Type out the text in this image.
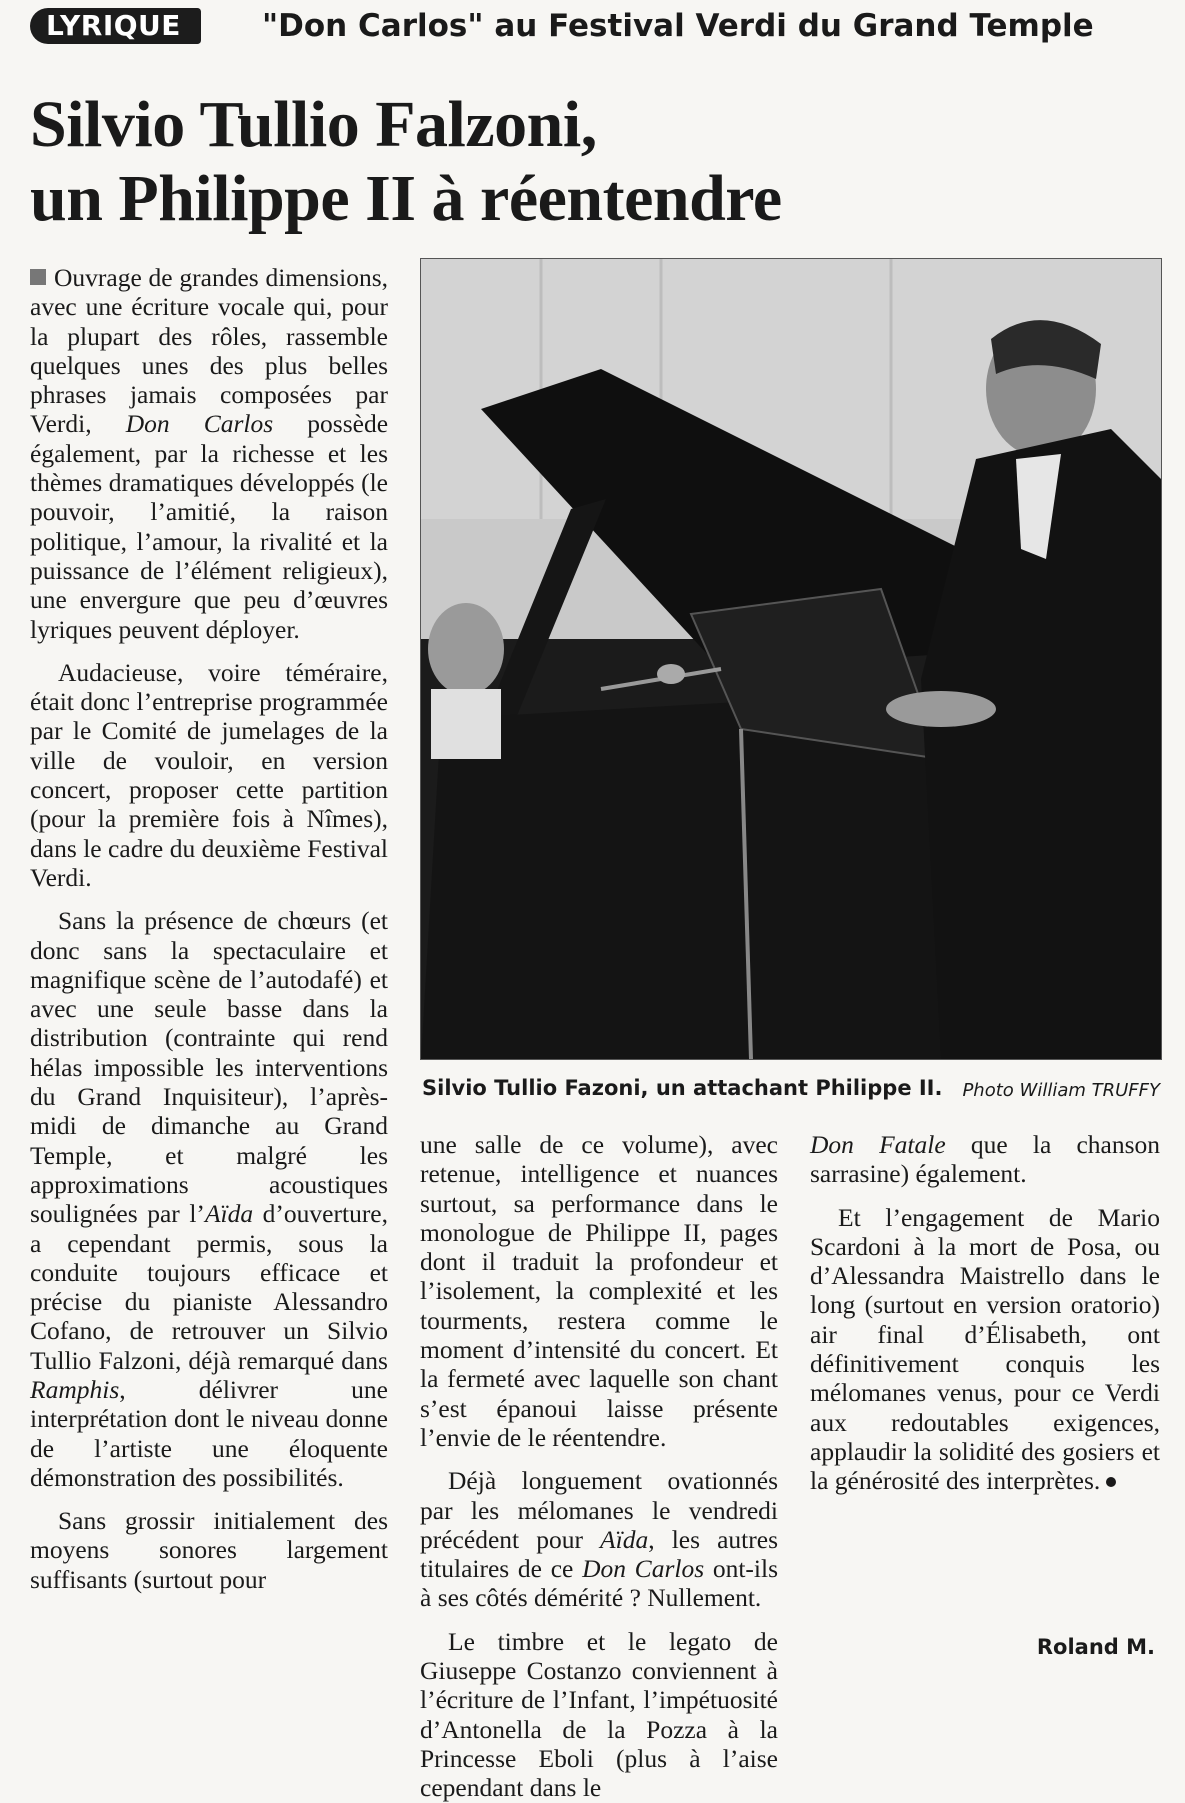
LYRIQUE	"Don Carlos" au Festival Verdi du Grand Temple
Silvio Tullio Falzoni,
un Philippe II à réentendre

Ouvrage de grandes dimensions, avec une écriture vocale qui, pour la plupart des rôles, rassemble quelques unes des plus belles phrases jamais composées par Verdi, Don Carlos possède également, par la richesse et les thèmes dramatiques développés (le pouvoir, l’amitié, la raison politique, l’amour, la rivalité et la puissance de l’élément religieux), une envergure que peu d’œuvres lyriques peuvent déployer.

Audacieuse, voire téméraire, était donc l’entreprise programmée par le Comité de jumelages de la ville de vouloir, en version concert, proposer cette partition (pour la première fois à Nîmes), dans le cadre du deuxième Festival Verdi.

Sans la présence de chœurs (et donc sans la spectaculaire et magnifique scène de l’autodafé) et avec une seule basse dans la distribution (contrainte qui rend hélas impossible les interventions du Grand Inquisiteur), l’après-midi de dimanche au Grand Temple, et malgré les approximations acoustiques soulignées par l’Aïda d’ouverture, a cependant permis, sous la conduite toujours efficace et précise du pianiste Alessandro Cofano, de retrouver un Silvio Tullio Falzoni, déjà remarqué dans Ramphis, délivrer une interprétation dont le niveau donne de l’artiste une éloquente démonstration des possibilités.

Sans grossir initialement des moyens sonores largement suffisants (surtout pour

Silvio Tullio Fazoni, un attachant Philippe II. Photo William TRUFFY

une salle de ce volume), avec retenue, intelligence et nuances surtout, sa performance dans le monologue de Philippe II, pages dont il traduit la profondeur et l’isolement, la complexité et les tourments, restera comme le moment d’intensité du concert. Et la fermeté avec laquelle son chant s’est épanoui laisse présente l’envie de le réentendre.

Déjà longuement ovationnés par les mélomanes le vendredi précédent pour Aïda, les autres titulaires de ce Don Carlos ont-ils à ses côtés démérité ? Nullement.

Le timbre et le legato de Giuseppe Costanzo conviennent à l’écriture de l’Infant, l’impétuosité d’Antonella de la Pozza à la Princesse Eboli (plus à l’aise cependant dans le

Don Fatale que la chanson sarrasine) également.

Et l’engagement de Mario Scardoni à la mort de Posa, ou d’Alessandra Maistrello dans le long (surtout en version oratorio) air final d’Élisabeth, ont définitivement conquis les mélomanes venus, pour ce Verdi aux redoutables exigences, applaudir la solidité des gosiers et la générosité des interprètes.

Roland M.
